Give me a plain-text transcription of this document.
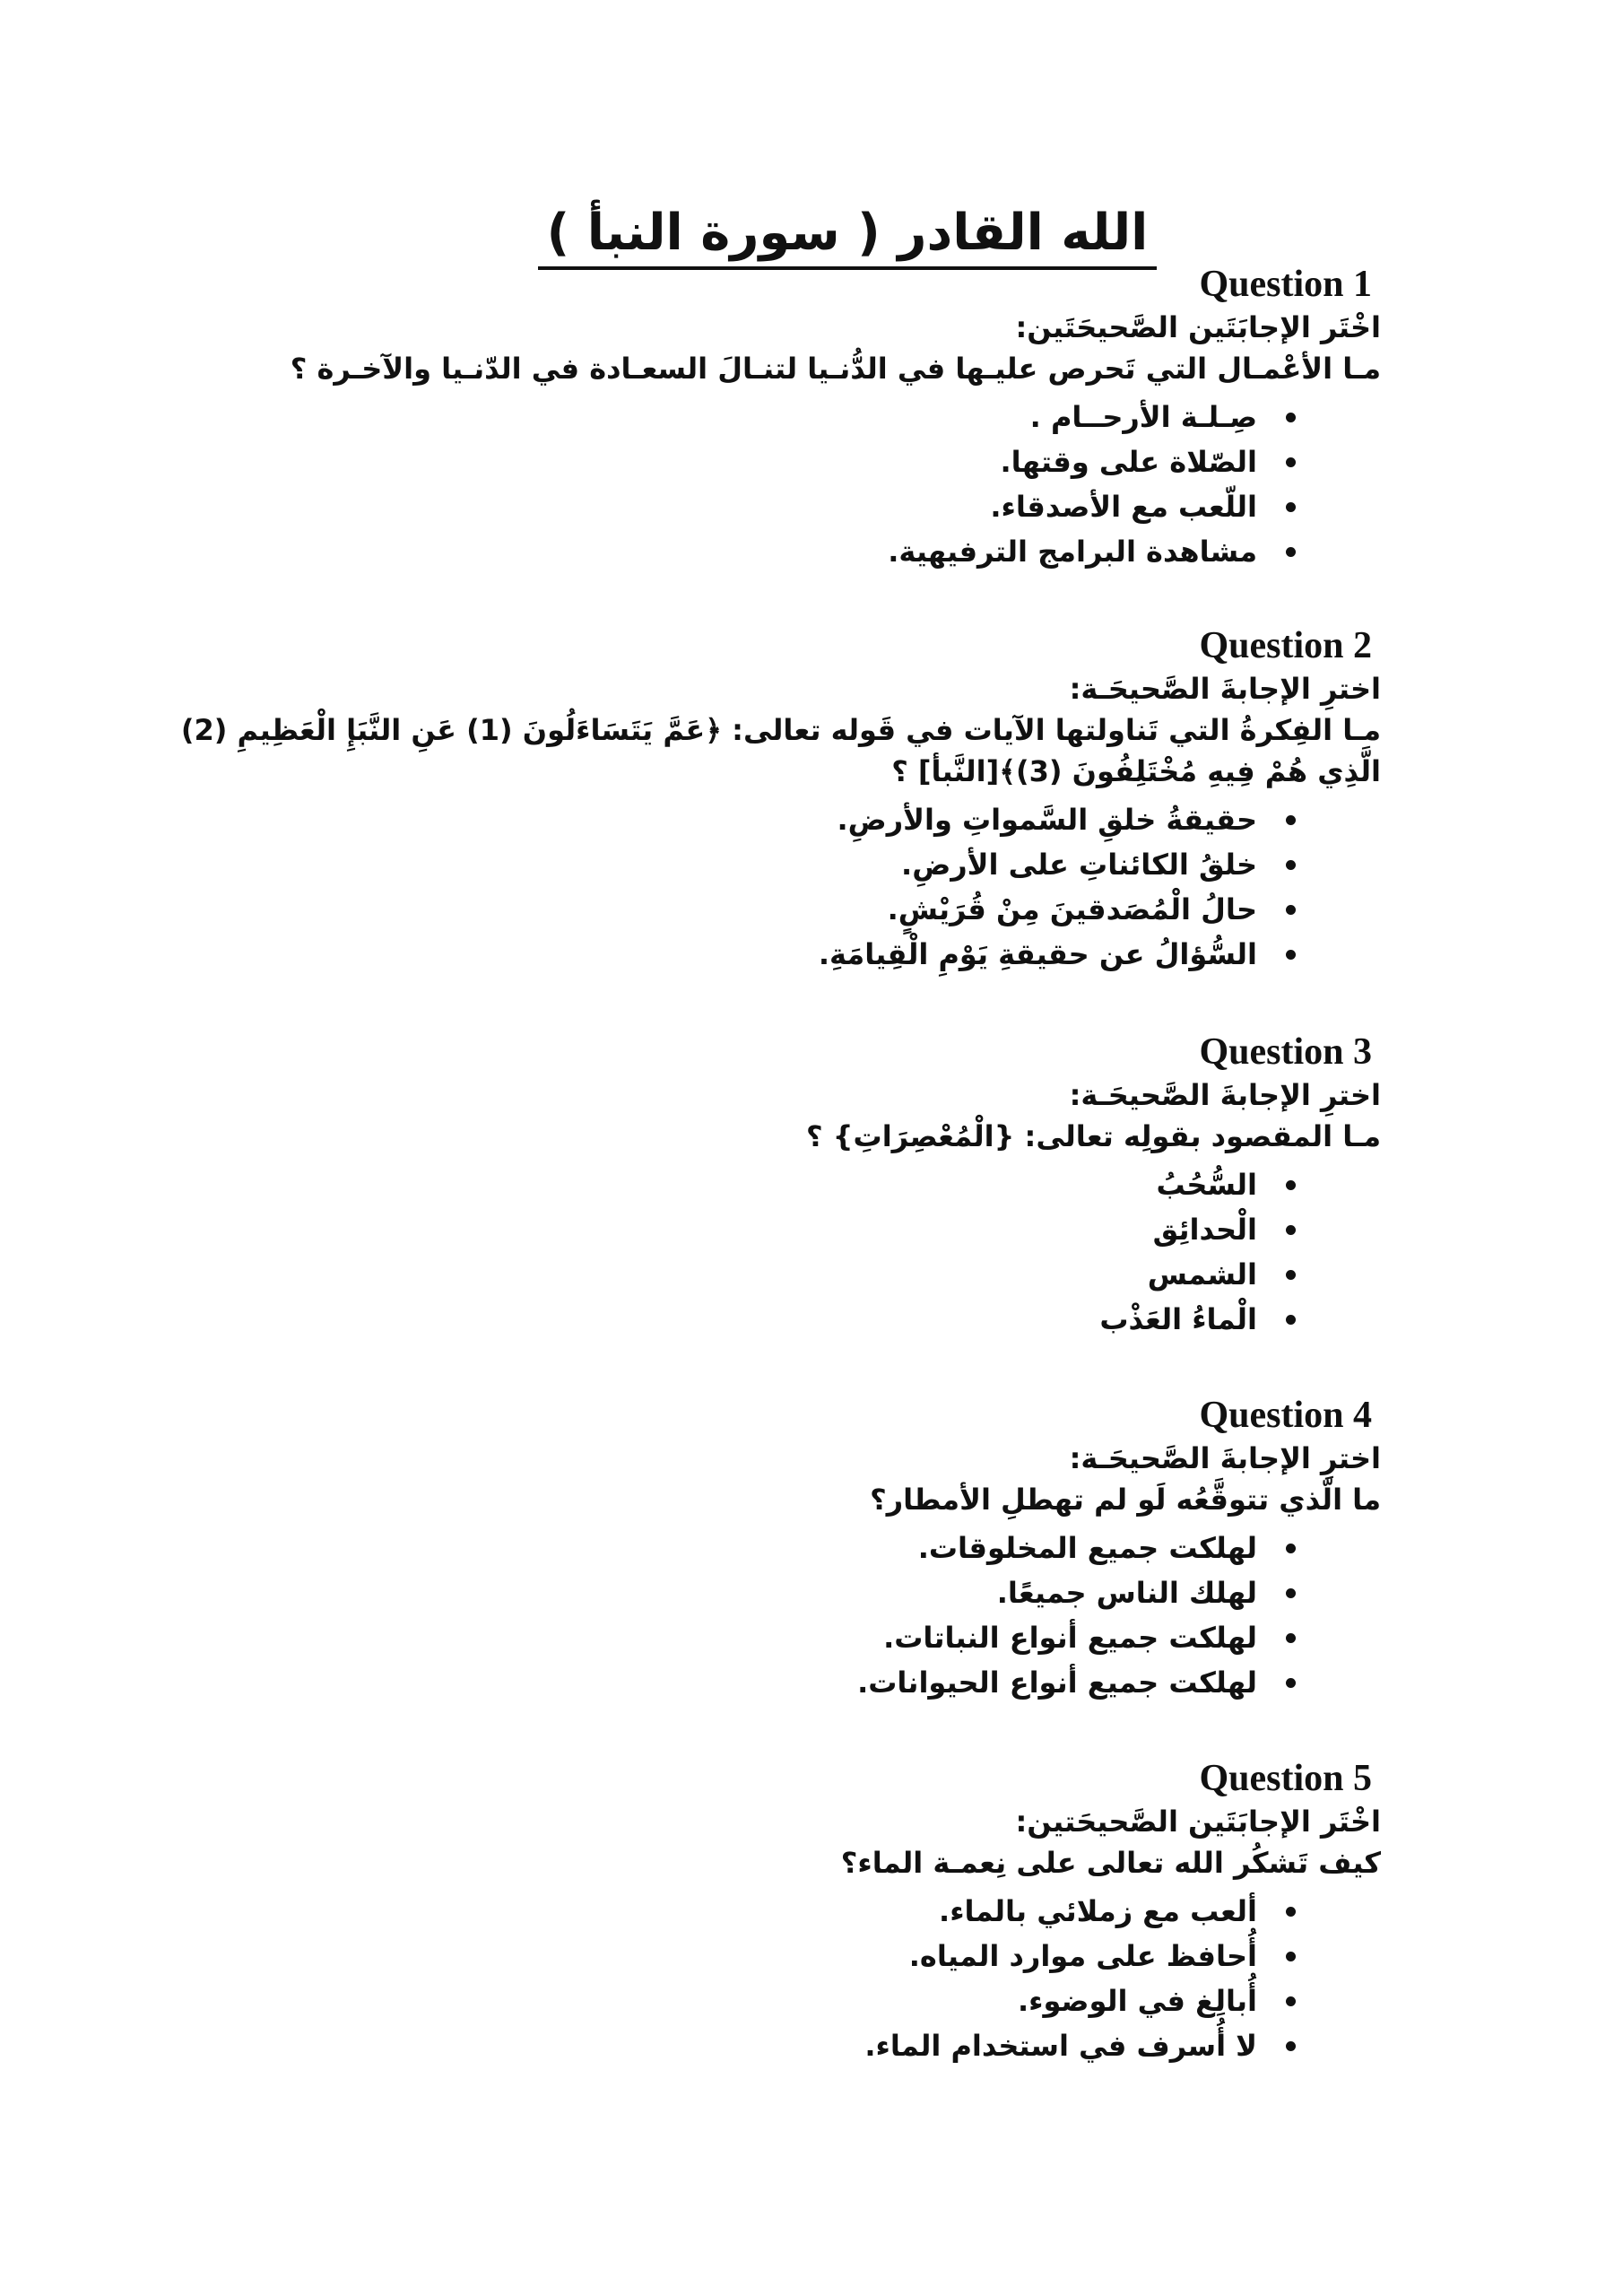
الله القادر ( سورة النبأ )
Question 1
اخْتَر الإجابَتَين الصَّحيحَتَين:
مـا الأعْمـال التي تَحرص عليـها في الدُّنـيا لتنـالَ السعـادة في الدّنـيا والآخـرة ؟
صِـلـة الأرحــام .
الصّلاة على وقتها.
اللّعب مع الأصدقاء.
مشاهدة البرامج الترفيهية.
Question 2
اخترِ الإجابةَ الصَّحيحَـة:
مـا الفِكرةُ التي تَناولتها الآيات في قَوله تعالى: ﴿عَمَّ يَتَسَاءَلُونَ (1) عَنِ النَّبَإِ الْعَظِيمِ (2) الَّذِي هُمْ فِيهِ مُخْتَلِفُونَ (3)﴾[النَّبأ] ؟
حقيقةُ خلقِ السَّمواتِ والأرضِ.
خلقُ الكائناتِ على الأرضِ.
حالُ الْمُصَدقينَ مِنْ قُرَيْشٍ.
السُّؤالُ عن حقيقةِ يَوْمِ الْقِيامَةِ.
Question 3
اخترِ الإجابةَ الصَّحيحَـة:
مـا المقصود بقولِه تعالى: {الْمُعْصِرَاتِ} ؟
السُّحُبُ
الْحدائِق
الشمس
الْماءُ العَذْب
Question 4
اخترِ الإجابةَ الصَّحيحَـة:
ما الّذي تتوقَّعُه لَو لم تهطلِ الأمطار؟
لهلكت جميع المخلوقات.
لهلك الناس جميعًا.
لهلكت جميع أنواع النباتات.
لهلكت جميع أنواع الحيوانات.
Question 5
اخْتَر الإجابَتَين الصَّحيحَتين:
كيف تَشكُر الله تعالى على نِعمـة الماء؟
ألعب مع زملائي بالماء.
أُحافظ على موارد المياه.
أُبالِغ في الوضوء.
لا أُسرف في استخدام الماء.
